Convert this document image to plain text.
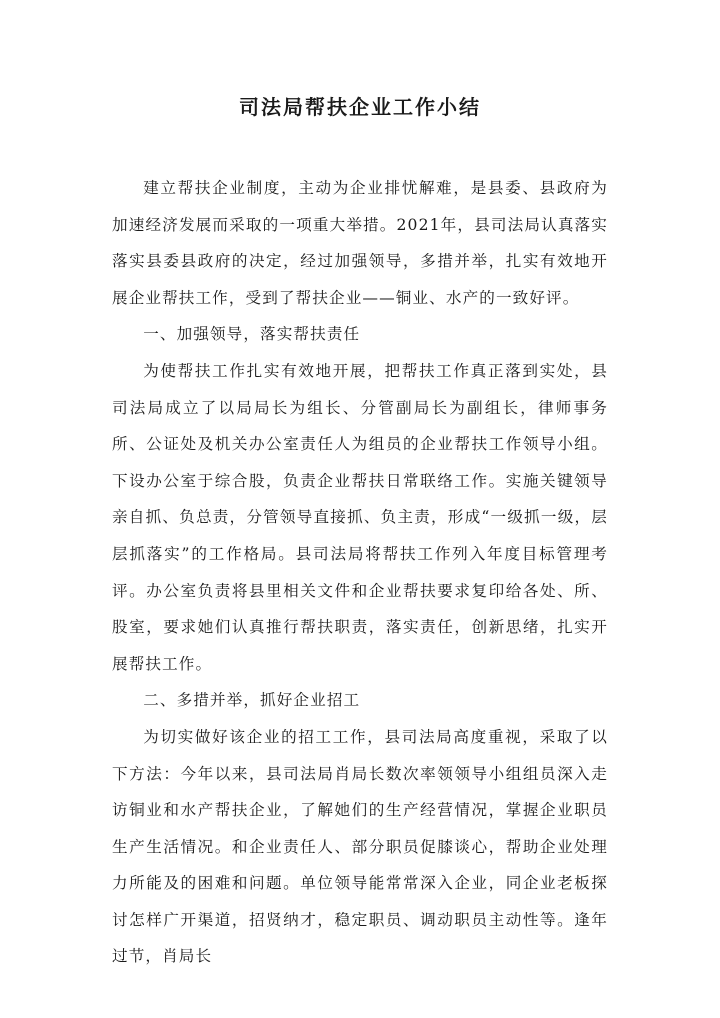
司法局帮扶企业工作小结

建立帮扶企业制度，主动为企业排忧解难，是县委、县政府为加速经济发展而采取的一项重大举措。2021年，县司法局认真落实落实县委县政府的决定，经过加强领导，多措并举，扎实有效地开展企业帮扶工作，受到了帮扶企业——铜业、水产的一致好评。

一、加强领导，落实帮扶责任

为使帮扶工作扎实有效地开展，把帮扶工作真正落到实处，县司法局成立了以局局长为组长、分管副局长为副组长，律师事务所、公证处及机关办公室责任人为组员的企业帮扶工作领导小组。下设办公室于综合股，负责企业帮扶日常联络工作。实施关键领导亲自抓、负总责，分管领导直接抓、负主责，形成“一级抓一级，层层抓落实”的工作格局。县司法局将帮扶工作列入年度目标管理考评。办公室负责将县里相关文件和企业帮扶要求复印给各处、所、股室，要求她们认真推行帮扶职责，落实责任，创新思绪，扎实开展帮扶工作。

二、多措并举，抓好企业招工

为切实做好该企业的招工工作，县司法局高度重视，采取了以下方法：今年以来，县司法局肖局长数次率领领导小组组员深入走访铜业和水产帮扶企业，了解她们的生产经营情况，掌握企业职员生产生活情况。和企业责任人、部分职员促膝谈心，帮助企业处理力所能及的困难和问题。单位领导能常常深入企业，同企业老板探讨怎样广开渠道，招贤纳才，稳定职员、调动职员主动性等。逢年过节，肖局长
